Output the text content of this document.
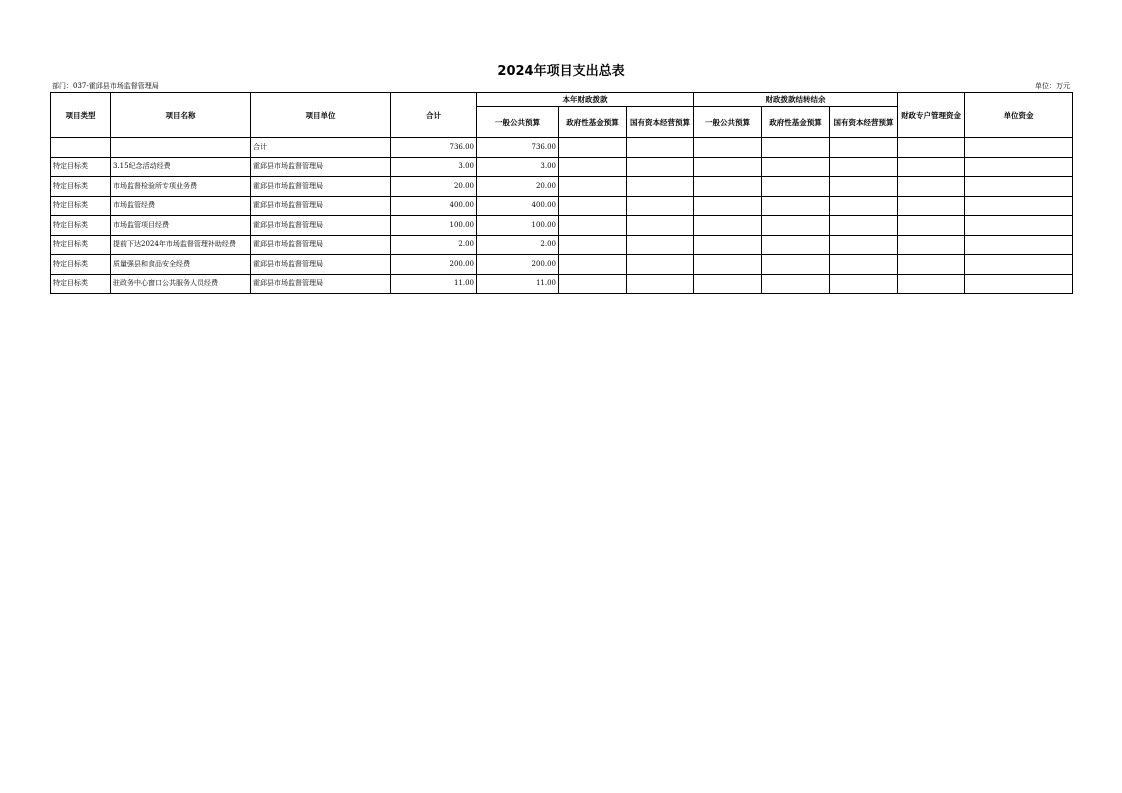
2024年项目支出总表
部门：037-霍邱县市场监督管理局	单位：万元
项目类型	项目名称	项目单位	合计	本年财政拨款			财政拨款结转结余			财政专户管理资金	单位资金
				一般公共预算	政府性基金预算	国有资本经营预算	一般公共预算	政府性基金预算	国有资本经营预算		
		合计	736.00	736.00							
特定目标类	3.15纪念活动经费	霍邱县市场监督管理局	3.00	3.00							
特定目标类	市场监督检验所专项业务费	霍邱县市场监督管理局	20.00	20.00							
特定目标类	市场监管经费	霍邱县市场监督管理局	400.00	400.00							
特定目标类	市场监管项目经费	霍邱县市场监督管理局	100.00	100.00							
特定目标类	提前下达2024年市场监督管理补助经费	霍邱县市场监督管理局	2.00	2.00							
特定目标类	质量强县和食品安全经费	霍邱县市场监督管理局	200.00	200.00							
特定目标类	驻政务中心窗口公共服务人员经费	霍邱县市场监督管理局	11.00	11.00							
